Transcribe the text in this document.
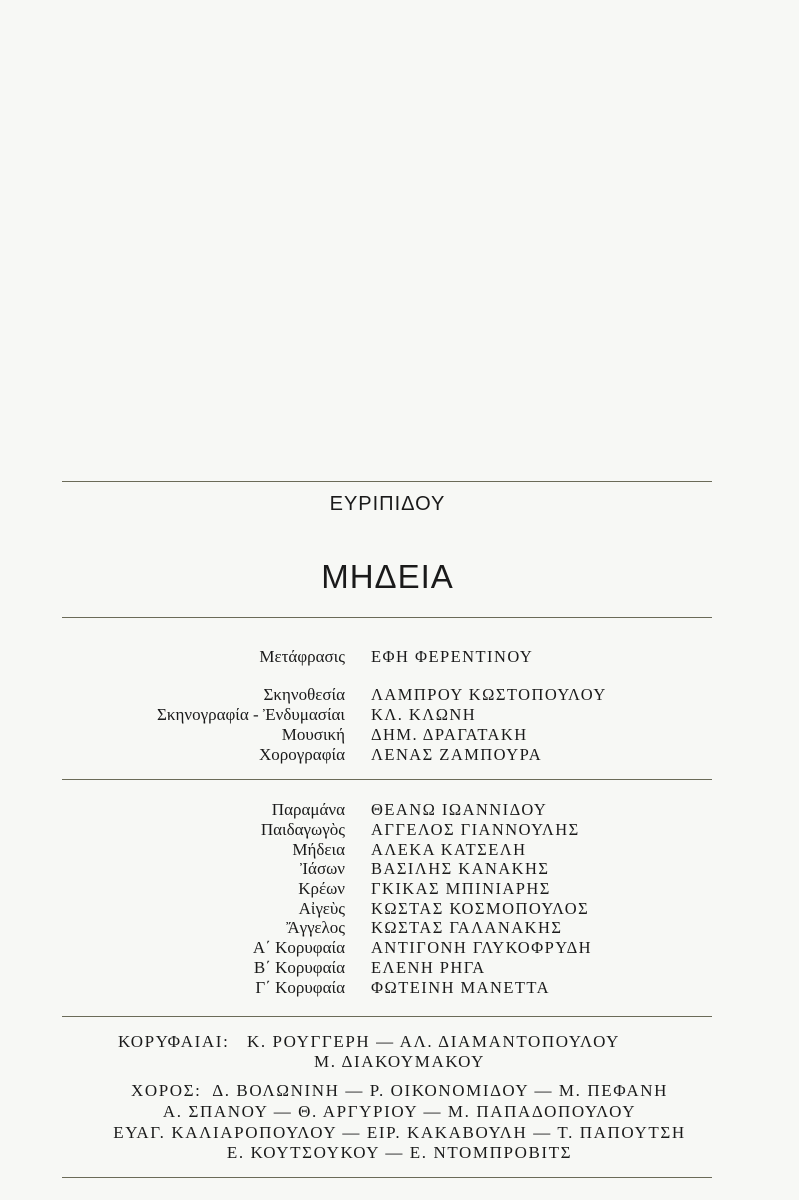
ΕΥΡΙΠΙΔΟΥ
ΜΗΔΕΙΑ
Μετάφρασις ΕΦΗ ΦΕΡΕΝΤΙΝΟΥ
Σκηνοθεσία ΛΑΜΠΡΟΥ ΚΩΣΤΟΠΟΥΛΟΥ
Σκηνογραφία - Ἐνδυμασίαι ΚΛ. ΚΛΩΝΗ
Μουσική ΔΗΜ. ΔΡΑΓΑΤΑΚΗ
Χορογραφία ΛΕΝΑΣ ΖΑΜΠΟΥΡΑ
Παραμάνα ΘΕΑΝΩ ΙΩΑΝΝΙΔΟΥ
Παιδαγωγὸς ΑΓΓΕΛΟΣ ΓΙΑΝΝΟΥΛΗΣ
Μήδεια ΑΛΕΚΑ ΚΑΤΣΕΛΗ
Ἰάσων ΒΑΣΙΛΗΣ ΚΑΝΑΚΗΣ
Κρέων ΓΚΙΚΑΣ ΜΠΙΝΙΑΡΗΣ
Αἰγεὺς ΚΩΣΤΑΣ ΚΟΣΜΟΠΟΥΛΟΣ
Ἄγγελος ΚΩΣΤΑΣ ΓΑΛΑΝΑΚΗΣ
Α΄ Κορυφαία ΑΝΤΙΓΟΝΗ ΓΛΥΚΟΦΡΥΔΗ
Β΄ Κορυφαία ΕΛΕΝΗ ΡΗΓΑ
Γ΄ Κορυφαία ΦΩΤΕΙΝΗ ΜΑΝΕΤΤΑ
ΚΟΡΥΦΑΙΑΙ:   Κ. ΡΟΥΓΓΕΡΗ — ΑΛ. ΔΙΑΜΑΝΤΟΠΟΥΛΟΥ
Μ. ΔΙΑΚΟΥΜΑΚΟΥ
ΧΟΡΟΣ:  Δ. ΒΟΛΩΝΙΝΗ — Ρ. ΟΙΚΟΝΟΜΙΔΟΥ — Μ. ΠΕΦΑΝΗ
Α. ΣΠΑΝΟΥ — Θ. ΑΡΓΥΡΙΟΥ — Μ. ΠΑΠΑΔΟΠΟΥΛΟΥ
ΕΥΑΓ. ΚΑΛΙΑΡΟΠΟΥΛΟΥ — ΕΙΡ. ΚΑΚΑΒΟΥΛΗ — Τ. ΠΑΠΟΥΤΣΗ
Ε. ΚΟΥΤΣΟΥΚΟΥ — Ε. ΝΤΟΜΠΡΟΒΙΤΣ
